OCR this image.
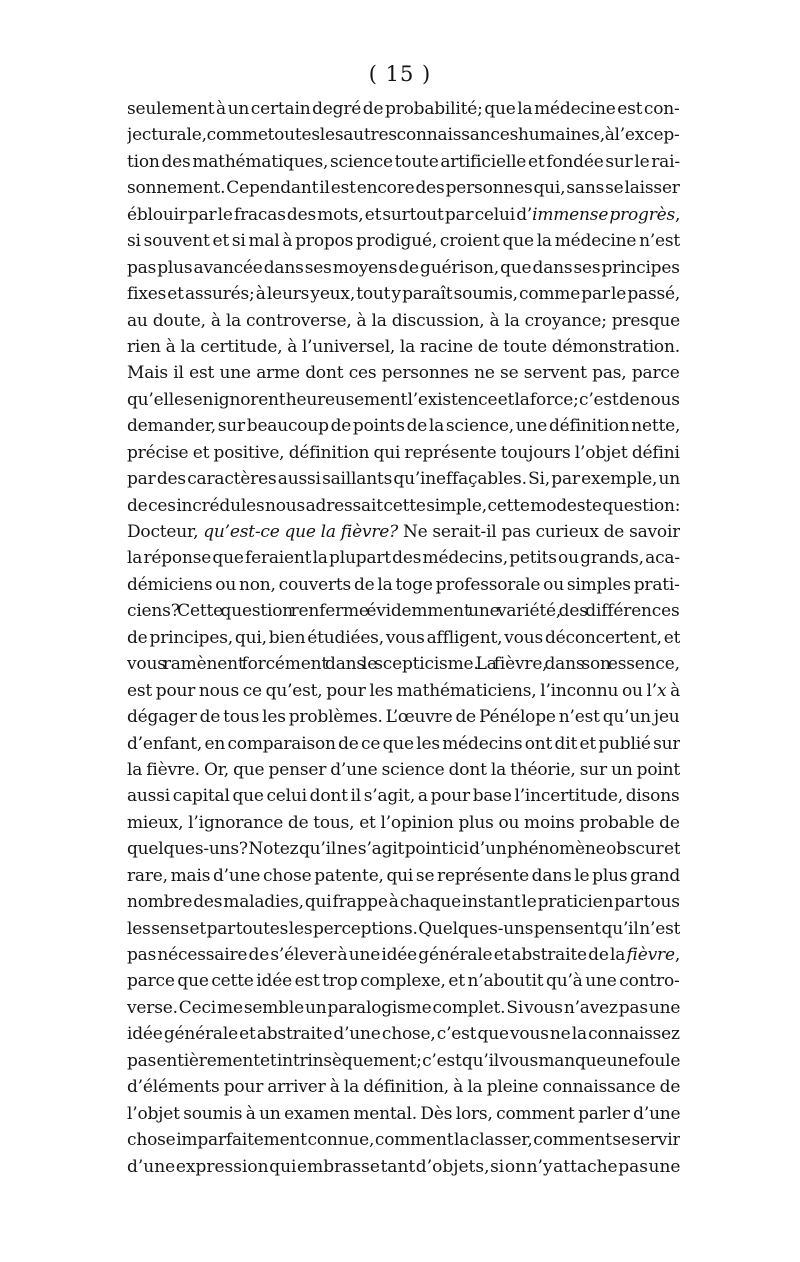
( 15 )
seulement à un certain degré de probabilité; que la médecine est con-
jecturale, comme toutes les autres connaissances humaines, à l’excep-
tion des mathématiques, science toute artificielle et fondée sur le rai-
sonnement. Cependant il est encore des personnes qui, sans se laisser
éblouir par le fracas des mots, et surtout par celui d’immense progrès,
si souvent et si mal à propos prodigué, croient que la médecine n’est
pas plus avancée dans ses moyens de guérison, que dans ses principes
fixes et assurés; à leurs yeux, tout y paraît soumis, comme par le passé,
au doute, à la controverse, à la discussion, à la croyance; presque
rien à la certitude, à l’universel, la racine de toute démonstration.
Mais il est une arme dont ces personnes ne se servent pas, parce
qu’elles en ignorent heureusement l’existence et la force; c’est de nous
demander, sur beaucoup de points de la science, une définition nette,
précise et positive, définition qui représente toujours l’objet défini
par des caractères aussi saillants qu’ineffaçables. Si, par exemple, un
de ces incrédules nous adressait cette simple, cette modeste question:
Docteur, qu’est-ce que la fièvre? Ne serait-il pas curieux de savoir
la réponse que feraient la plupart des médecins, petits ou grands, aca-
démiciens ou non, couverts de la toge professorale ou simples prati-
ciens? Cette question renferme évidemment une variété, des différences
de principes, qui, bien étudiées, vous affligent, vous déconcertent, et
vous ramènent forcément dans le scepticisme. La fièvre, dans son essence,
est pour nous ce qu’est, pour les mathématiciens, l’inconnu ou l’x à
dégager de tous les problèmes. L’œuvre de Pénélope n’est qu’un jeu
d’enfant, en comparaison de ce que les médecins ont dit et publié sur
la fièvre. Or, que penser d’une science dont la théorie, sur un point
aussi capital que celui dont il s’agit, a pour base l’incertitude, disons
mieux, l’ignorance de tous, et l’opinion plus ou moins probable de
quelques-uns? Notez qu’il ne s’agit point ici d’un phénomène obscur et
rare, mais d’une chose patente, qui se représente dans le plus grand
nombre des maladies, qui frappe à chaque instant le praticien par tous
les sens et par toutes les perceptions. Quelques-uns pensent qu’il n’est
pas nécessaire de s’élever à une idée générale et abstraite de la fièvre,
parce que cette idée est trop complexe, et n’aboutit qu’à une contro-
verse. Ceci me semble un paralogisme complet. Si vous n’avez pas une
idée générale et abstraite d’une chose, c’est que vous ne la connaissez
pas entièrement et intrinsèquement; c’est qu’il vous manque une foule
d’éléments pour arriver à la définition, à la pleine connaissance de
l’objet soumis à un examen mental. Dès lors, comment parler d’une
chose imparfaitement connue, comment la classer, comment se servir
d’une expression qui embrasse tant d’objets, si on n’y attache pas une
